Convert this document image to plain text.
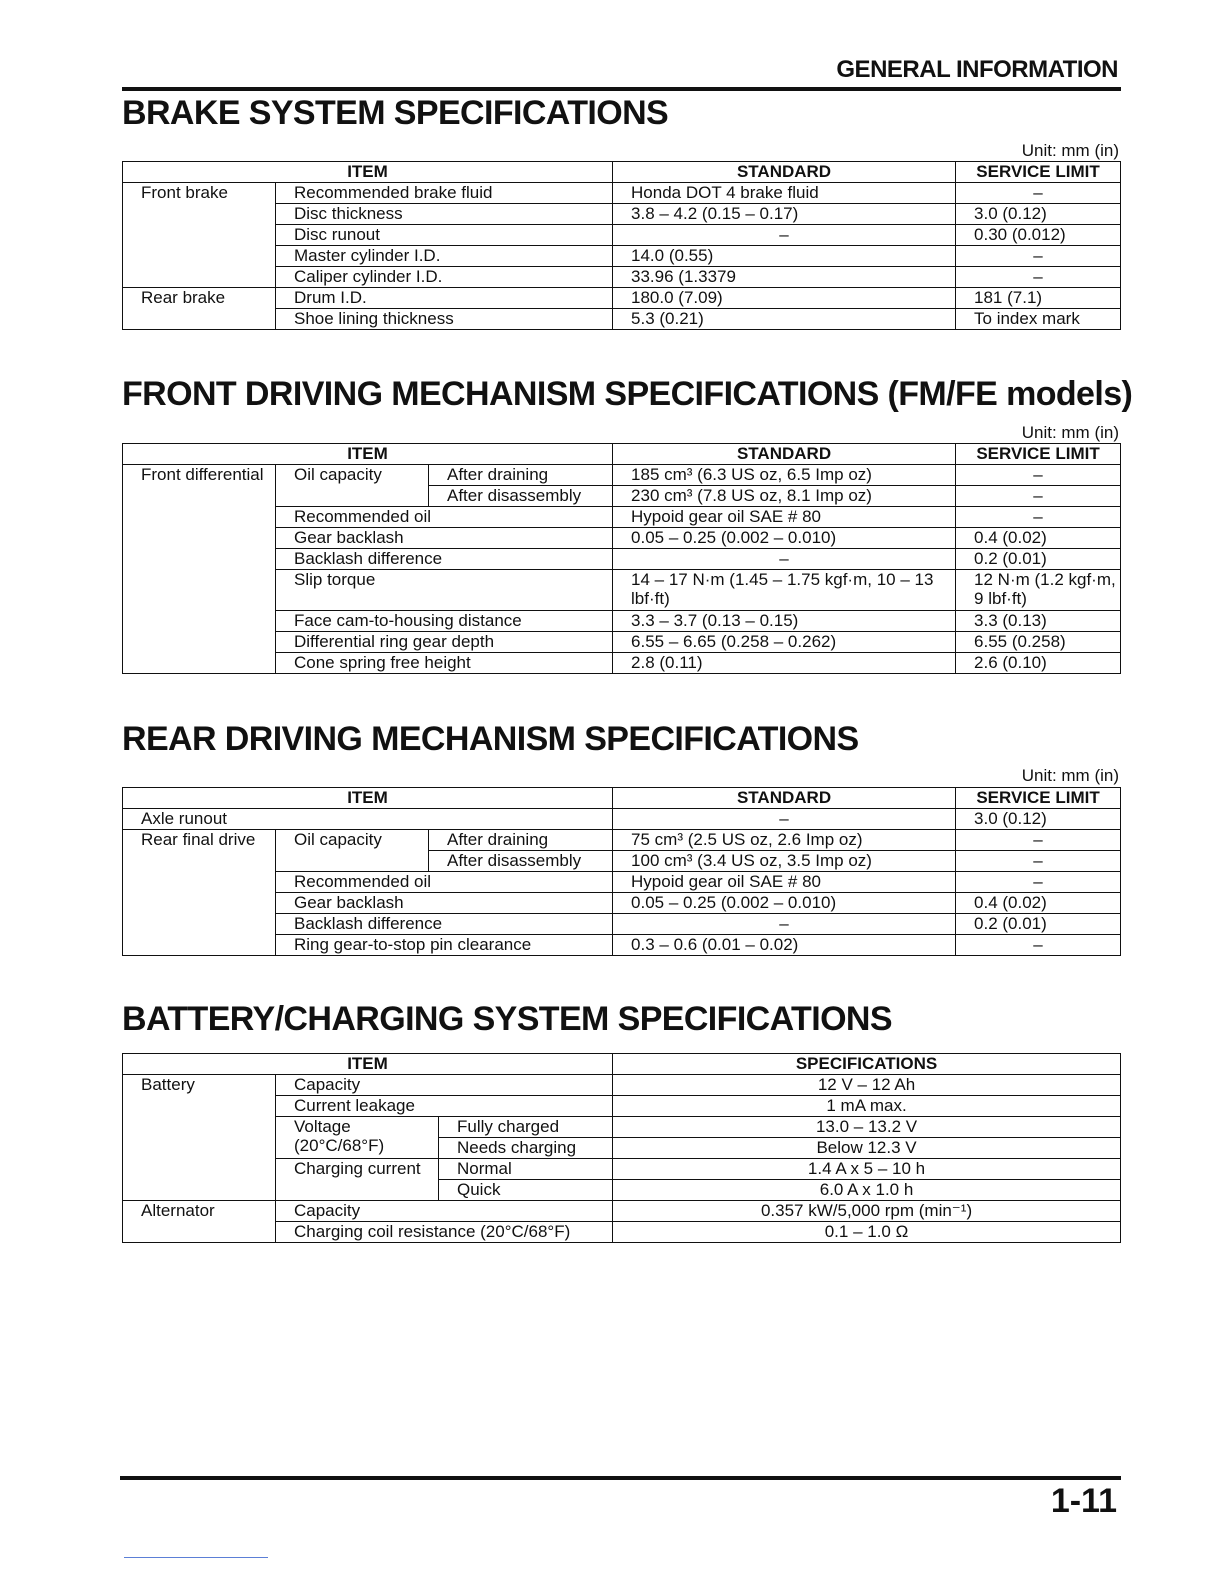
GENERAL INFORMATION
BRAKE SYSTEM SPECIFICATIONS
Unit: mm (in)
ITEM		STANDARD	SERVICE LIMIT
Front brake	Recommended brake fluid	Honda DOT 4 brake fluid	–
	Disc thickness	3.8 – 4.2 (0.15 – 0.17)	3.0 (0.12)
	Disc runout	–	0.30 (0.012)
	Master cylinder I.D.	14.0 (0.55)	–
	Caliper cylinder I.D.	33.96 (1.3379	–
Rear brake	Drum I.D.	180.0 (7.09)	181 (7.1)
	Shoe lining thickness	5.3 (0.21)	To index mark
FRONT DRIVING MECHANISM SPECIFICATIONS (FM/FE models)
Unit: mm (in)
ITEM			STANDARD	SERVICE LIMIT
Front differential	Oil capacity	After draining	185 cm³ (6.3 US oz, 6.5 Imp oz)	–
		After disassembly	230 cm³ (7.8 US oz, 8.1 Imp oz)	–
	Recommended oil		Hypoid gear oil SAE # 80	–
	Gear backlash		0.05 – 0.25 (0.002 – 0.010)	0.4 (0.02)
	Backlash difference		–	0.2 (0.01)
	Slip torque		14 – 17 N·m (1.45 – 1.75 kgf·m, 10 – 13 lbf·ft)	12 N·m (1.2 kgf·m, 9 lbf·ft)
	Face cam-to-housing distance		3.3 – 3.7 (0.13 – 0.15)	3.3 (0.13)
	Differential ring gear depth		6.55 – 6.65 (0.258 – 0.262)	6.55 (0.258)
	Cone spring free height		2.8 (0.11)	2.6 (0.10)
REAR DRIVING MECHANISM SPECIFICATIONS
Unit: mm (in)
ITEM			STANDARD	SERVICE LIMIT
Axle runout			–	3.0 (0.12)
Rear final drive	Oil capacity	After draining	75 cm³ (2.5 US oz, 2.6 Imp oz)	–
		After disassembly	100 cm³ (3.4 US oz, 3.5 Imp oz)	–
	Recommended oil		Hypoid gear oil SAE # 80	–
	Gear backlash		0.05 – 0.25 (0.002 – 0.010)	0.4 (0.02)
	Backlash difference		–	0.2 (0.01)
	Ring gear-to-stop pin clearance		0.3 – 0.6 (0.01 – 0.02)	–
BATTERY/CHARGING SYSTEM SPECIFICATIONS
ITEM			SPECIFICATIONS
Battery	Capacity		12 V – 12 Ah
	Current leakage		1 mA max.
	Voltage (20°C/68°F)	Fully charged	13.0 – 13.2 V
		Needs charging	Below 12.3 V
	Charging current	Normal	1.4 A x 5 – 10 h
		Quick	6.0 A x 1.0 h
Alternator	Capacity		0.357 kW/5,000 rpm (min⁻¹)
	Charging coil resistance (20°C/68°F)		0.1 – 1.0 Ω
1-11
